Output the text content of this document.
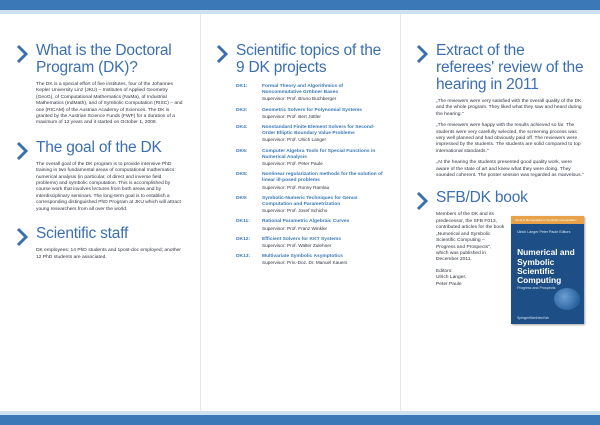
What is the Doctoral Program (DK)?

The DK is a special effort of five institutes, four of the Johannes Kepler University Linz (JKU) – Institutes of Applied Geometry (GeoG), of Computational Mathematics (NuMa), of Industrial Mathematics (IndMath), and of Symbolic Computation (RISC) – and one (RICAM) of the Austrian Academy of Sciences. The DK is granted by the Austrian Science Funds (FWF) for a duration of a maximum of 12 years and it started on October 1, 2008.

The goal of the DK

The overall goal of the DK program is to provide intensive PhD training in two fundamental areas of computational mathematics: numerical analysis (in particular, of direct and inverse field problems) and symbolic computation. This is accomplished by course work that involves lectures from both areas and by interdisciplinary seminars. The long-term goal is to establish a corresponding distinguished PhD Program at JKU which will attract young researchers from all over the world.

Scientific staff

DK employees: 14 PhD students and 1post-doc employed; another 12 PhD students are associated.

Scientific topics of the 9 DK projects
DK1:	Formal Theory and Algorithmics of Noncommutative Gröbner Bases
Supervisor: Prof. Bruno Buchberger
DK2:	Geometric Solvers for Polynomial Systems
Supervisor: Prof. Bert Jüttler
DK4:	Nonstandard Finite Element Solvers for Second-Order Elliptic Boundary Value Problems
Supervisor: Prof. Ulrich Langer
DK6:	Computer Algebra Tools for Special Functions in Numerical Analysis
Supervisor: Prof. Peter Paule
DK8:	Nonlinear regularization methods for the solution of linear ill-posed problems
Supervisor: Prof. Ronny Ramlau
DK9:	Symbolic-Numeric Techniques for Genus Computation and Parametrization
Supervisor: Prof. Josef Schicho
DK11:	Rational Parametric Algebraic Curves
Supervisor: Prof. Franz Winkler
DK12:	Efficient Solvers for KKT Systems
Supervisor: Prof. Walter Zulehner
DK13:	Multivariate Symbolic Asymptotics
Supervisor: Priv.-Doz. Dr. Manuel Kauers
Extract of the referees' review of the hearing in 2011

„The reviewers were very satisfied with the overall quality of the DK and the whole program. They liked what they saw and heard during the hearing."

„The reviewers were happy with the results achieved so far. The students were very carefully selected, the screening process was very well planned and had obviously paid off. The reviewers were impressed by the students. The students are solid compared to top international standards."

„At the hearing the students presented good quality work, were aware of the state of art and knew what they were doing. They sounded coherent. The poster session was regarded as marvelous."

SFB/DK book

Members of the DK and its predecessor, the SFB F013, contributed articles for the book „Numerical and Symbolic Scientific Computing – Progress and Prospects", which was published in December 2011.

Editors:

Ulrich Langer,

Peter Paule

Texts & Monographs in Symbolic Computation
Ulrich Langer Peter Paule Editors
Numerical and Symbolic Scientific Computing
Progress and Prospects
SpringerWienNewYork
